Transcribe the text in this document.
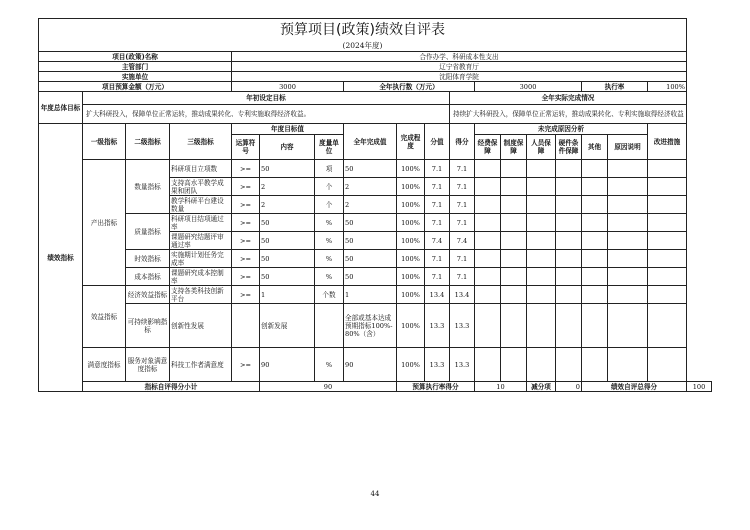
预算项目(政策)绩效自评表																		
(2024年度)																		
项目(政策)名称				合作办学、科研成本性支出														
主管部门				辽宁省教育厅														
实施单位				沈阳体育学院														
项目预算金额（万元）				3000			全年执行数（万元）				3000				执行率		100%	
年度总体目标	年初设定目标									全年实际完成情况								
	扩大科研投入，保障单位正常运转，推动成果转化、专利实施取得经济收益。									持续扩大科研投入，保障单位正常运转，推动成果转化、专利实施取得经济收益								
绩效指标	一级指标	二级指标	三级指标	年度目标值			全年完成值	完成程度	分值	得分	未完成原因分析						改进措施	
				运算符号	内容	度量单位					经费保障	制度保障	人员保障	硬件条件保障	其他	原因说明		
	产出指标	数量指标	科研项目立项数	>=	50	项	50	100%	7.1	7.1								
			支持高水平教学成果和团队	>=	2	个	2	100%	7.1	7.1								
			教学科研平台建设数量	>=	2	个	2	100%	7.1	7.1								
		质量指标	科研项目结项通过率	>=	50	%	50	100%	7.1	7.1								
			课题研究结题评审通过率	>=	50	%	50	100%	7.4	7.4								
		时效指标	实施期计划任务完成率	>=	50	%	50	100%	7.1	7.1								
		成本指标	课题研究成本控制率	>=	50	%	50	100%	7.1	7.1								
	效益指标	经济效益指标	支持各类科技创新平台	>=	1	个数	1	100%	13.4	13.4								
		可持续影响指标	创新性发展		创新发展		全部或基本达成预期指标100%-80%（含）	100%	13.3	13.3								
	满意度指标	服务对象满意度指标	科技工作者满意度	>=	90	%	90	100%	13.3	13.3								
	指标自评得分小计				90			预算执行率得分			10		减分项	0	绩效自评总得分			100
44
